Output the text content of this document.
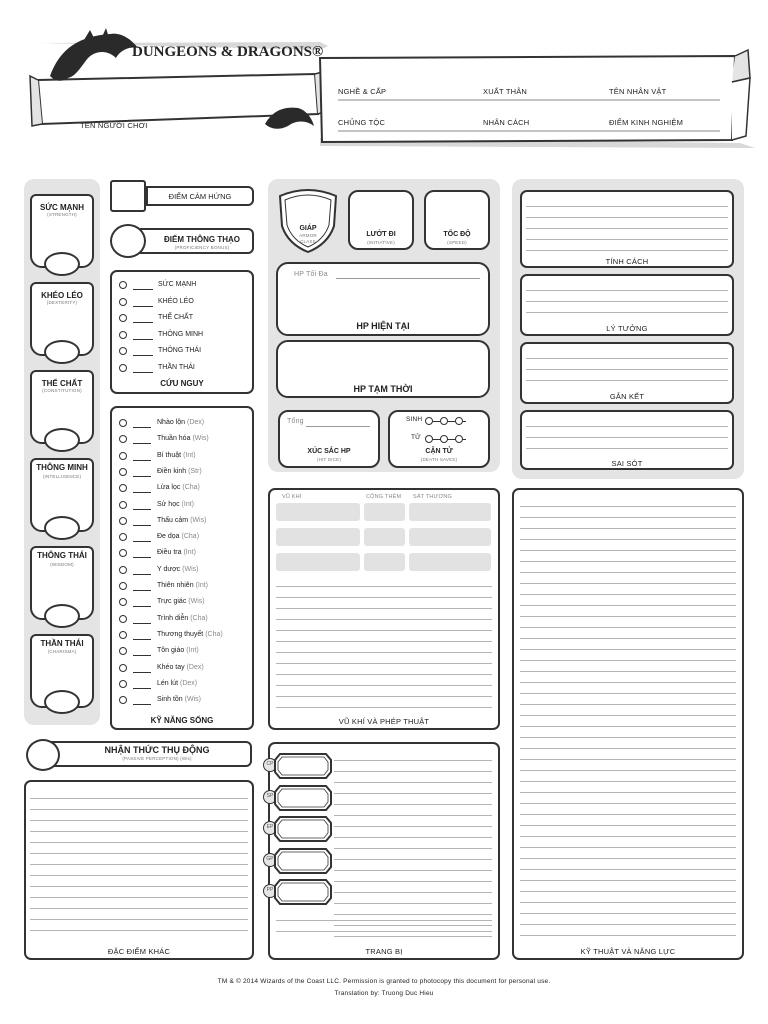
DUNGEONS & DRAGONS®
TÊN NGƯỜI CHƠI
NGHỀ & CẤP	XUẤT THÂN	TÊN NHÂN VẬT
CHỦNG TỘC	NHÂN CÁCH	ĐIỂM KINH NGHIỆM
SỨC MẠNH
(STRENGTH)
KHÉO LÉO
(DEXTERITY)
THỂ CHẤT
(CONSTITUTION)
THÔNG MINH
(INTELLIGENCE)
THÔNG THÁI
(WISDOM)
THẦN THÁI
(CHARISMA)
ĐIỂM CẢM HỨNG
ĐIỂM THÔNG THẠO
(PROFICIENCY BONUS)
SỨC MẠNH
KHÉO LÉO
THỂ CHẤT
THÔNG MINH
THÔNG THÁI
THẦN THÁI
CỨU NGUY
Nhào lộn (Dex)
Thuần hóa (Wis)
Bí thuật (Int)
Điền kinh (Str)
Lừa lọc (Cha)
Sử học (Int)
Thấu cảm (Wis)
Đe dọa (Cha)
Điều tra (Int)
Y dược (Wis)
Thiên nhiên (Int)
Trực giác (Wis)
Trình diễn (Cha)
Thương thuyết (Cha)
Tôn giáo (Int)
Khéo tay (Dex)
Lén lút (Dex)
Sinh tồn (Wis)
KỸ NĂNG SỐNG
NHẬN THỨC THỤ ĐỘNG
(PASSIVE PERCEPTION) (Wis)
ĐẶC ĐIỂM KHÁC
GIÁP
ARMOR
CLASS
LƯỚT ĐI
(INITIATIVE)
TỐC ĐỘ
(SPEED)
HP Tối Đa
HP HIỆN TẠI
HP TẠM THỜI
Tổng
XÚC SẮC HP
(HIT DICE)
SINH
TỬ
CẬN TỬ
(DEATH SAVES)
VŨ KHÍ	CỘNG THÊM SÁT THƯƠNG
VŨ KHÍ VÀ PHÉP THUẬT
CP
SP
EP
GP
PP
TRANG BỊ
TÍNH CÁCH
LÝ TƯỞNG
GẮN KẾT
SAI SÓT
KỸ THUẬT VÀ NĂNG LỰC
TM & © 2014 Wizards of the Coast LLC. Permission is granted to photocopy this document for personal use.
Translation by: Truong Duc Hieu
